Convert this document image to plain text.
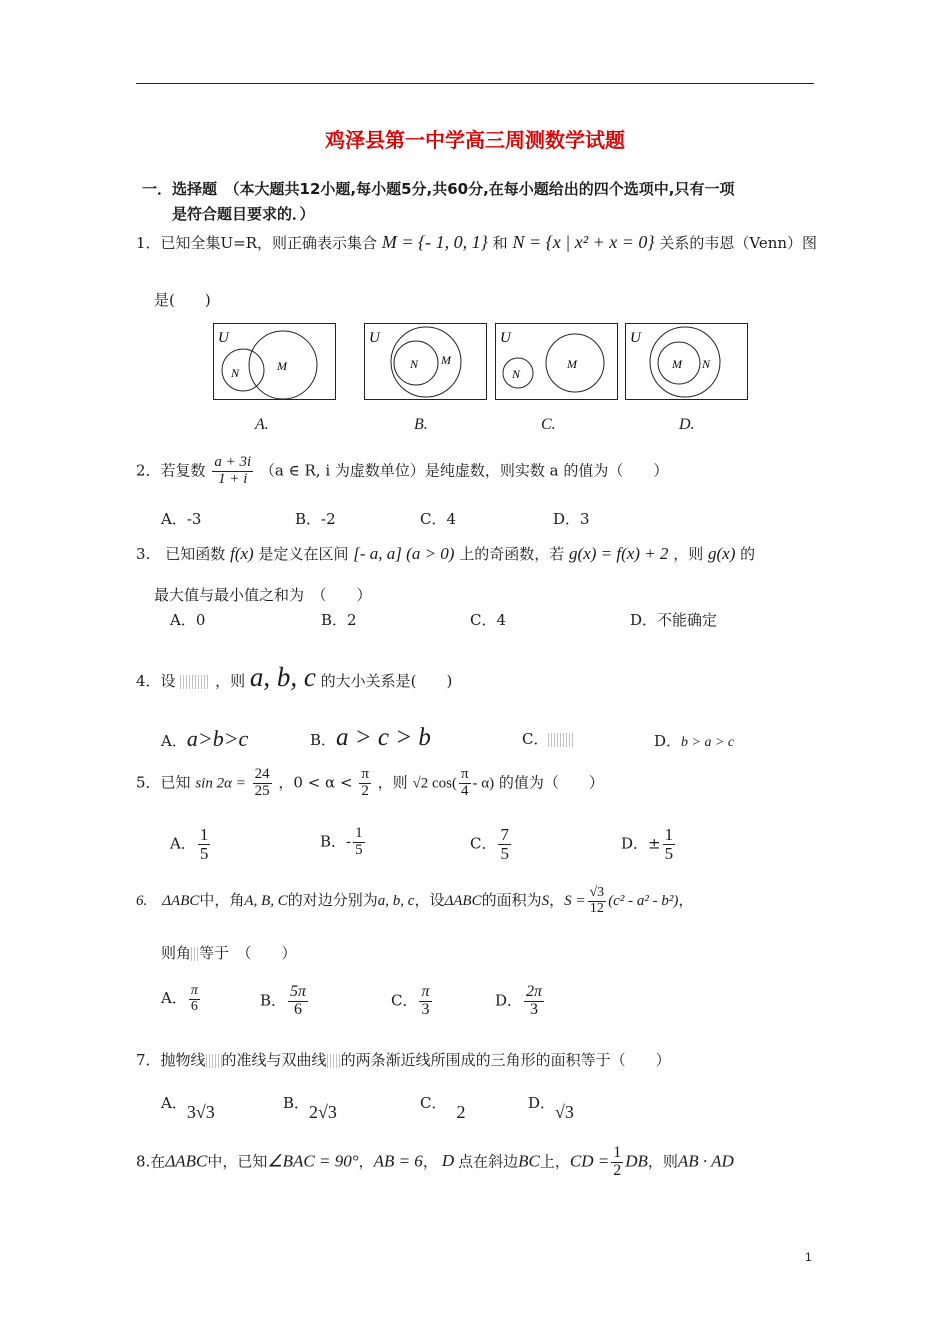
鸡泽县第一中学高三周测数学试题
一．选择题　（本大题共12小题,每小题5分,共60分,在每小题给出的四个选项中,只有一项
是符合题目要求的．）
1．已知全集U=R，则正确表示集合 M = {- 1, 0, 1} 和 N = {x | x² + x = 0} 关系的韦恩（Venn）图
是(　　)
U
N	M
U
N M
U
N
M
U
M N
A.	B.	C.	D.
2．若复数 $\frac{a + 3i}{1 + i} (a$ ∈ R, i 为虚数单位）是纯虚数，则实数 a 的值为（　　）
A．-3	B．-2	C．4	D．3
3.　已知函数 f(x) 是定义在区间 [- a, a] (a > 0) 上的奇函数，若 g(x) = f(x) + 2 ，则 g(x) 的
最大值与最小值之和为　（　　）
A．0	B．2	C．4	D．不能确定
4．设	，则 a, b, c 的大小关系是(　　)
A．a>b>c	B．a > c > b	C．	D．b > a > c
5．已知 $\sin 2\alpha = \frac{24}{25}$ ，$0 < \alpha < \frac{\pi}{2}$ ，则 √2 $\cos( \frac{\pi}{4} - \alpha)$ 的值为（　　）
A． $\frac{1}{5}$	B．- $\frac{1}{5}$	C． $\frac{7}{5}$	D．± $\frac{1}{5}$
6.　ΔABC中，角A, B, C的对边分别为a, b, c，设ΔABC的面积为S，$S = \frac{√3}{12} (c^2 - a^2 - b^2)$，
则角 等于　（　　）
A． $\frac{\pi}{6}$	B． $\frac{5\pi}{6}$	C． $\frac{\pi}{3}$	D． $\frac{2\pi}{3}$
7．抛物线 的准线与双曲线 的两条渐近线所围成的三角形的面积等于（　　）
A．3√3	B．2√3	C． 2	D．√3
8.在ΔABC中，已知∠BAC = 90°，AB = 6， D 点在斜边BC上，CD = $\frac{1}{2}$ DB，则AB · AD
1
